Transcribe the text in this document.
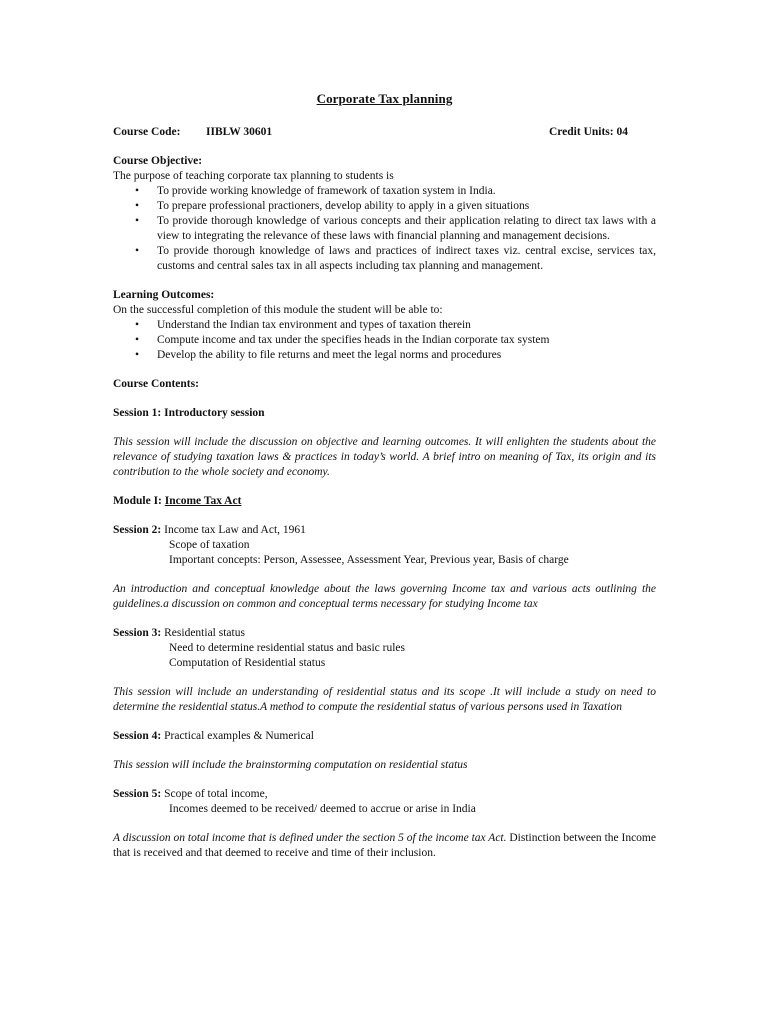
Corporate Tax planning
Course Code: IIBLW 30601	Credit Units: 04

Course Objective:

The purpose of teaching corporate tax planning to students is

• To provide working knowledge of framework of taxation system in India.
• To prepare professional practioners, develop ability to apply in a given situations
• To provide thorough knowledge of various concepts and their application relating to direct tax laws with a view to integrating the relevance of these laws with financial planning and management decisions.
• To provide thorough knowledge of laws and practices of indirect taxes viz. central excise, services tax, customs and central sales tax in all aspects including tax planning and management.

Learning Outcomes:

On the successful completion of this module the student will be able to:

• Understand the Indian tax environment and types of taxation therein
• Compute income and tax under the specifies heads in the Indian corporate tax system
• Develop the ability to file returns and meet the legal norms and procedures

Course Contents:

Session 1: Introductory session

This session will include the discussion on objective and learning outcomes. It will enlighten the students about the relevance of studying taxation laws & practices in today’s world. A brief intro on meaning of Tax, its origin and its contribution to the whole society and economy.

Module I: Income Tax Act

Session 2: Income tax Law and Act, 1961

Scope of taxation

Important concepts: Person, Assessee, Assessment Year, Previous year, Basis of charge

An introduction and conceptual knowledge about the laws governing Income tax and various acts outlining the guidelines.a discussion on common and conceptual terms necessary for studying Income tax

Session 3: Residential status

Need to determine residential status and basic rules

Computation of Residential status

This session will include an understanding of residential status and its scope .It will include a study on need to determine the residential status.A method to compute the residential status of various persons used in Taxation

Session 4: Practical examples & Numerical

This session will include the brainstorming computation on residential status

Session 5: Scope of total income,

Incomes deemed to be received/ deemed to accrue or arise in India

A discussion on total income that is defined under the section 5 of the income tax Act. Distinction between the Income that is received and that deemed to receive and time of their inclusion.
